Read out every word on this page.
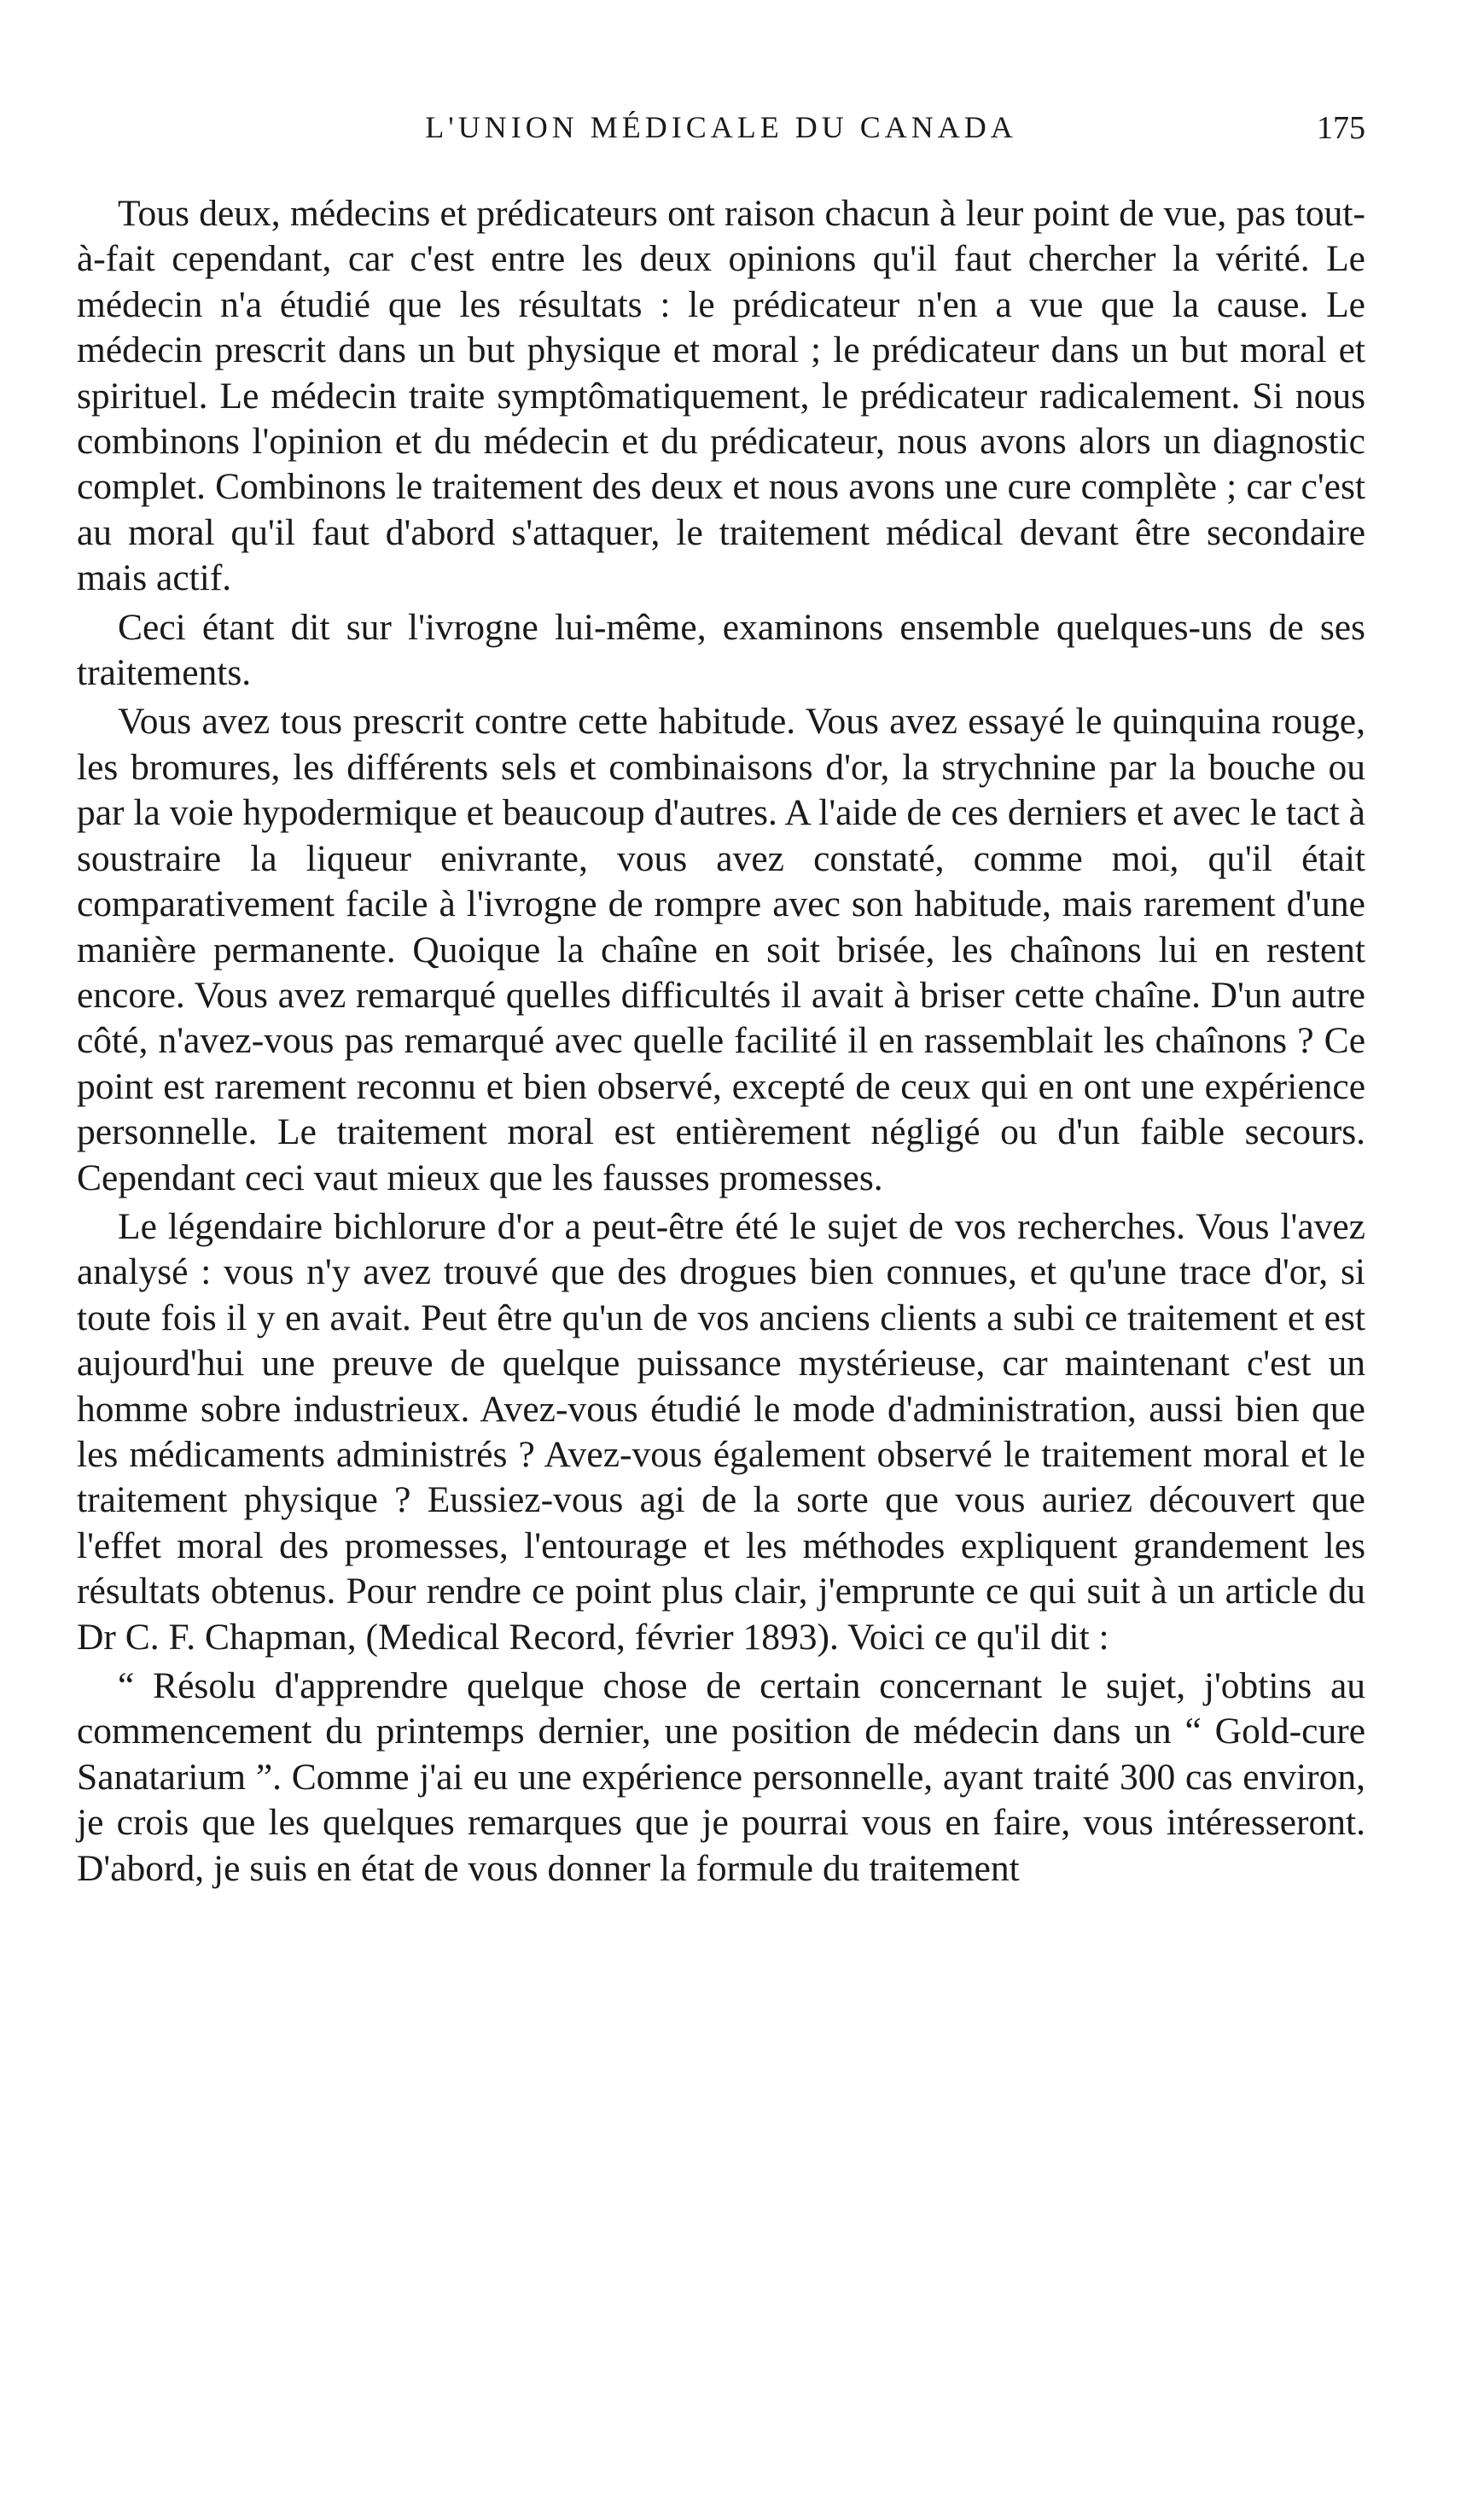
L'UNION MÉDICALE DU CANADA	175

Tous deux, médecins et prédicateurs ont raison chacun à leur point de vue, pas tout-à-fait cependant, car c'est entre les deux opinions qu'il faut chercher la vérité. Le médecin n'a étudié que les résultats : le prédicateur n'en a vue que la cause. Le médecin prescrit dans un but physique et moral ; le prédicateur dans un but moral et spirituel. Le médecin traite symptômatiquement, le prédicateur radicalement. Si nous combinons l'opinion et du médecin et du prédicateur, nous avons alors un diagnostic complet. Combinons le traitement des deux et nous avons une cure complète ; car c'est au moral qu'il faut d'abord s'attaquer, le traitement médical devant être secondaire mais actif.

Ceci étant dit sur l'ivrogne lui-même, examinons ensemble quelques-uns de ses traitements.

Vous avez tous prescrit contre cette habitude. Vous avez essayé le quinquina rouge, les bromures, les différents sels et combinaisons d'or, la strychnine par la bouche ou par la voie hypodermique et beaucoup d'autres. A l'aide de ces derniers et avec le tact à soustraire la liqueur enivrante, vous avez constaté, comme moi, qu'il était comparativement facile à l'ivrogne de rompre avec son habitude, mais rarement d'une manière permanente. Quoique la chaîne en soit brisée, les chaînons lui en restent encore. Vous avez remarqué quelles difficultés il avait à briser cette chaîne. D'un autre côté, n'avez-vous pas remarqué avec quelle facilité il en rassemblait les chaînons ? Ce point est rarement reconnu et bien observé, excepté de ceux qui en ont une expérience personnelle. Le traitement moral est entièrement négligé ou d'un faible secours. Cependant ceci vaut mieux que les fausses promesses.

Le légendaire bichlorure d'or a peut-être été le sujet de vos recherches. Vous l'avez analysé : vous n'y avez trouvé que des drogues bien connues, et qu'une trace d'or, si toute fois il y en avait. Peut être qu'un de vos anciens clients a subi ce traitement et est aujourd'hui une preuve de quelque puissance mystérieuse, car maintenant c'est un homme sobre industrieux. Avez-vous étudié le mode d'administration, aussi bien que les médicaments administrés ? Avez-vous également observé le traitement moral et le traitement physique ? Eussiez-vous agi de la sorte que vous auriez découvert que l'effet moral des promesses, l'entourage et les méthodes expliquent grandement les résultats obtenus. Pour rendre ce point plus clair, j'emprunte ce qui suit à un article du Dr C. F. Chapman, (Medical Record, février 1893). Voici ce qu'il dit :

“ Résolu d'apprendre quelque chose de certain concernant le sujet, j'obtins au commencement du printemps dernier, une position de médecin dans un “ Gold-cure Sanatarium ”. Comme j'ai eu une expérience personnelle, ayant traité 300 cas environ, je crois que les quelques remarques que je pourrai vous en faire, vous intéresseront. D'abord, je suis en état de vous donner la formule du traitement
